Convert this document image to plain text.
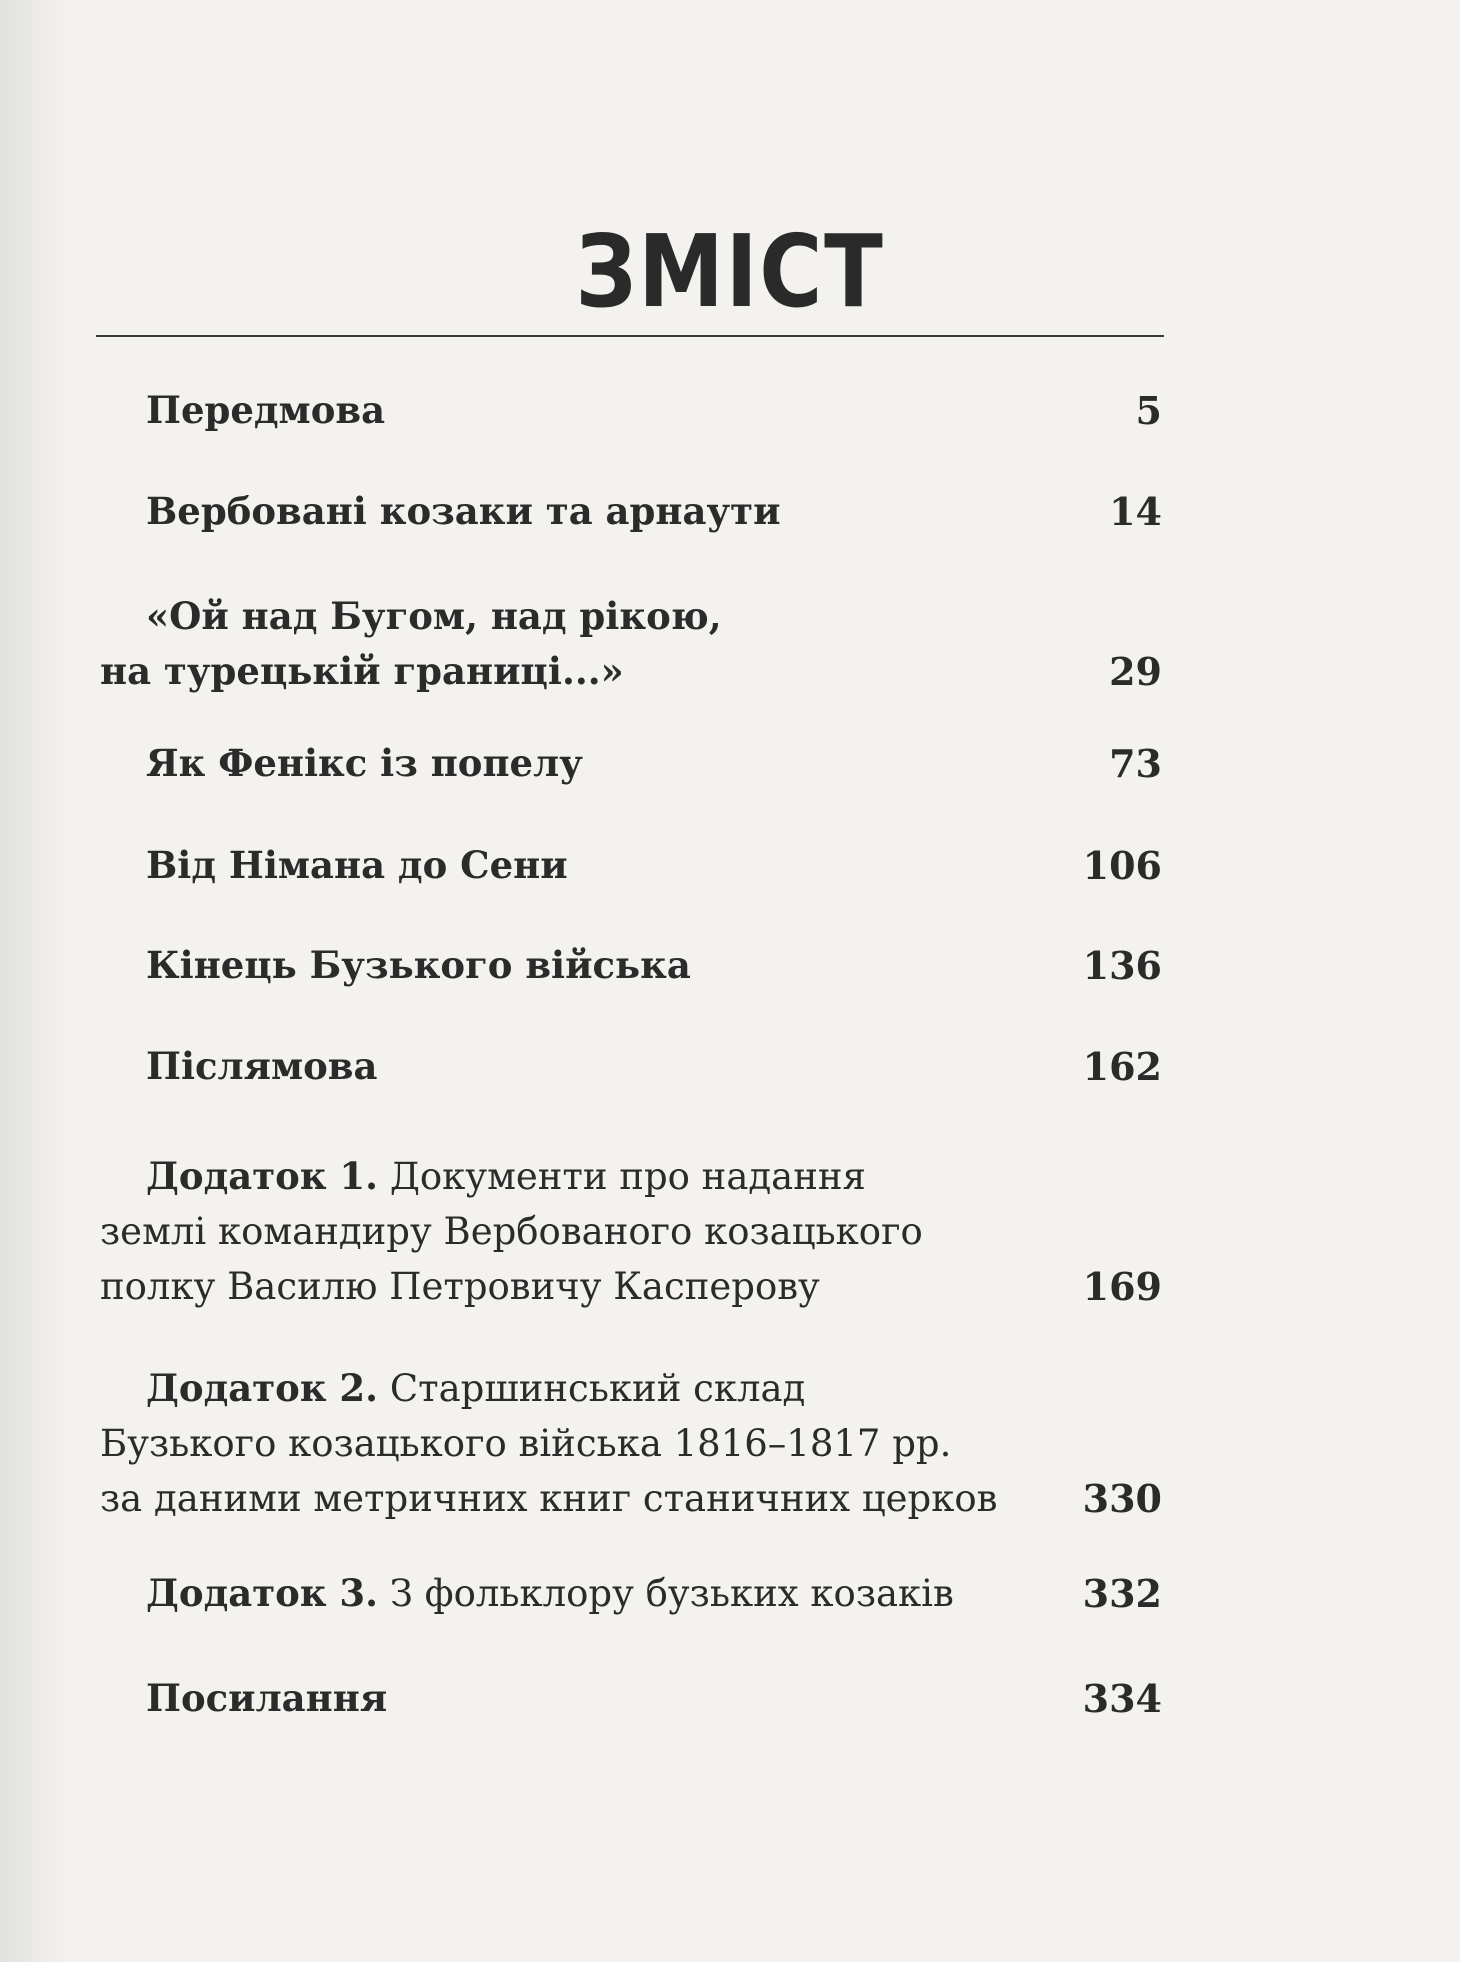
ЗМІСТ
Передмова	5
Вербовані козаки та арнаути	14
«Ой над Бугом, над рікою,
на турецькій границі...»	29
Як Фенікс із попелу	73
Від Німана до Сени	106
Кінець Бузького війська	136
Післямова	162
Додаток 1. Документи про надання
землі командиру Вербованого козацького
полку Василю Петровичу Касперову	169
Додаток 2. Старшинський склад
Бузького козацького війська 1816–1817 рр.
за даними метричних книг станичних церков	330
Додаток 3. З фольклору бузьких козаків	332
Посилання	334
